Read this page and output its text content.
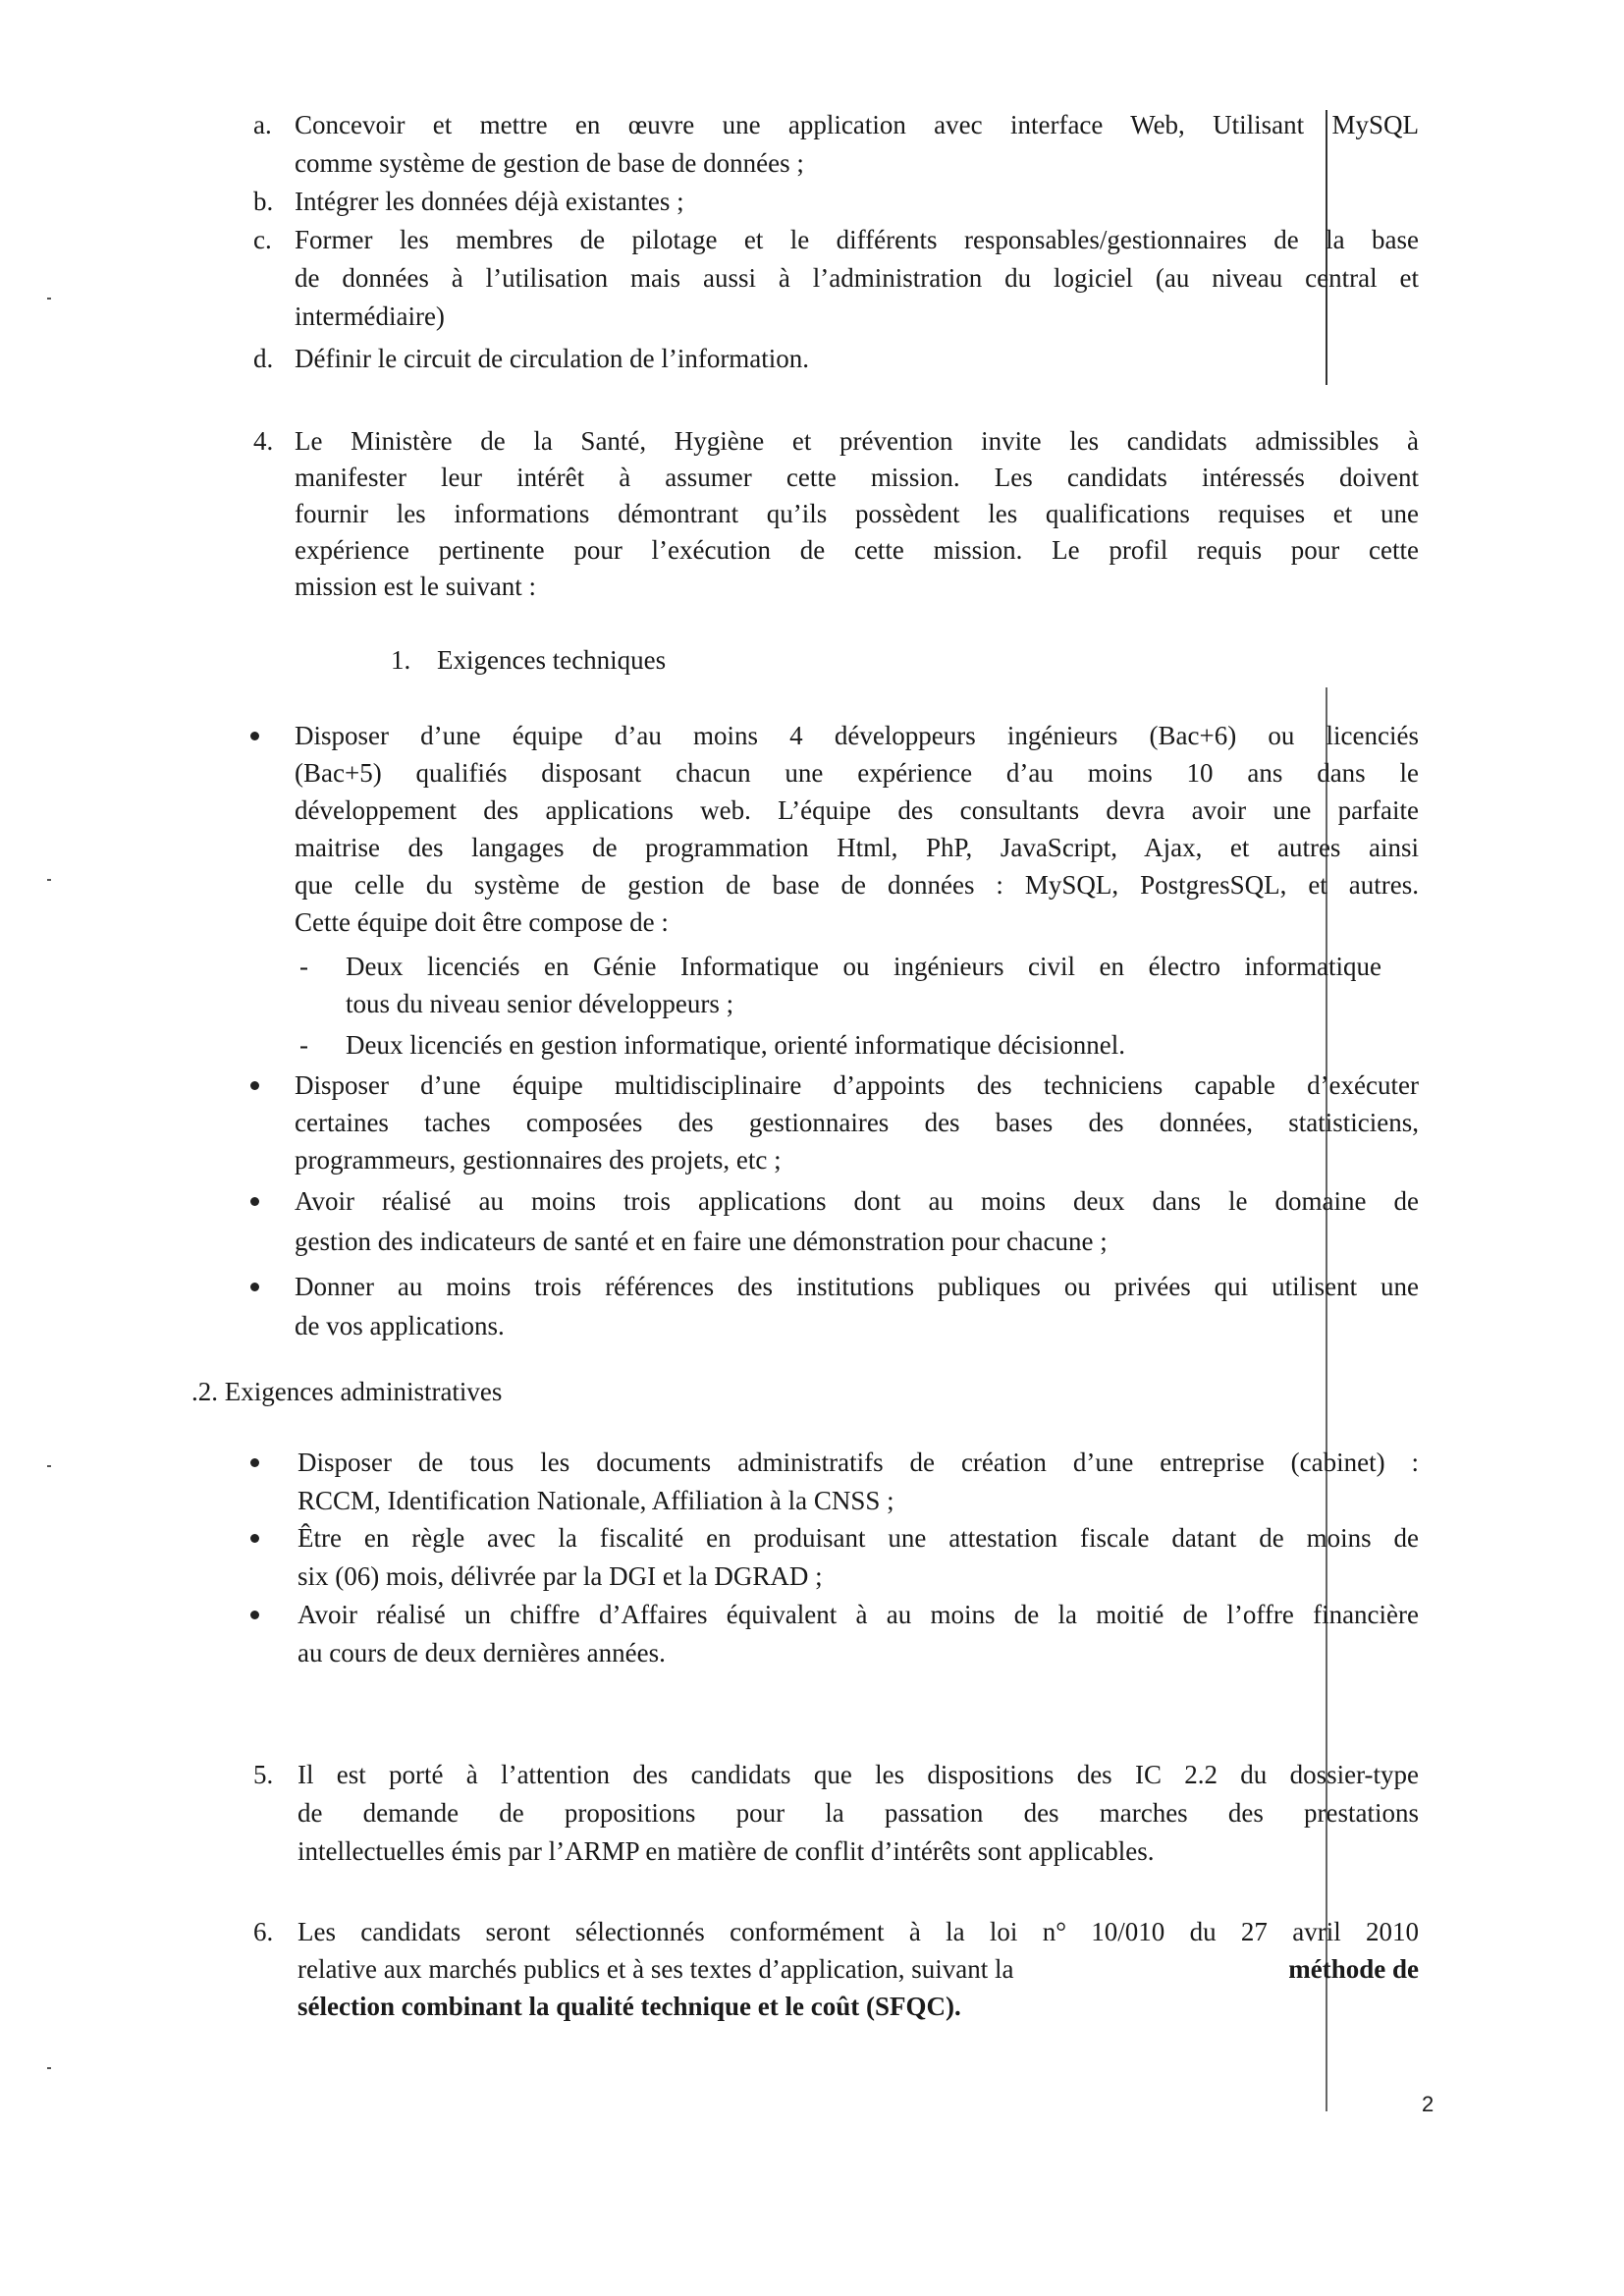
a. Concevoir et mettre en œuvre une application avec interface Web, Utilisant MySQL
comme système de gestion de base de données ;
b. Intégrer les données déjà existantes ;
c. Former les membres de pilotage et le différents responsables/gestionnaires de la base
de données à l’utilisation mais aussi à l’administration du logiciel (au niveau central et
intermédiaire)
d. Définir le circuit de circulation de l’information.
4. Le Ministère de la Santé, Hygiène et prévention invite les candidats admissibles à
manifester leur intérêt à assumer cette mission. Les candidats intéressés doivent
fournir les informations démontrant qu’ils possèdent les qualifications requises et une
expérience pertinente pour l’exécution de cette mission. Le profil requis pour cette
mission est le suivant :
1. Exigences techniques
Disposer d’une équipe d’au moins 4 développeurs ingénieurs (Bac+6) ou licenciés
(Bac+5) qualifiés disposant chacun une expérience d’au moins 10 ans dans le
développement des applications web. L’équipe des consultants devra avoir une parfaite
maitrise des langages de programmation Html, PhP, JavaScript, Ajax, et autres ainsi
que celle du système de gestion de base de données : MySQL, PostgresSQL, et autres.
Cette équipe doit être compose de :
- Deux licenciés en Génie Informatique ou ingénieurs civil en électro informatique
tous du niveau senior développeurs ;
- Deux licenciés en gestion informatique, orienté informatique décisionnel.
Disposer d’une équipe multidisciplinaire d’appoints des techniciens capable d’exécuter
certaines taches composées des gestionnaires des bases des données, statisticiens,
programmeurs, gestionnaires des projets, etc ;
Avoir réalisé au moins trois applications dont au moins deux dans le domaine de
gestion des indicateurs de santé et en faire une démonstration pour chacune ;
Donner au moins trois références des institutions publiques ou privées qui utilisent une
de vos applications.
.2. Exigences administratives
Disposer de tous les documents administratifs de création d’une entreprise (cabinet) :
RCCM, Identification Nationale, Affiliation à la CNSS ;
Être en règle avec la fiscalité en produisant une attestation fiscale datant de moins de
six (06) mois, délivrée par la DGI et la DGRAD ;
Avoir réalisé un chiffre d’Affaires équivalent à au moins de la moitié de l’offre financière
au cours de deux dernières années.
5. Il est porté à l’attention des candidats que les dispositions des IC 2.2 du dossier-type
de demande de propositions pour la passation des marches des prestations
intellectuelles émis par l’ARMP en matière de conflit d’intérêts sont applicables.
6. Les candidats seront sélectionnés conformément à la loi n° 10/010 du 27 avril 2010
relative aux marchés publics et à ses textes d’application, suivant la	méthode de
sélection combinant la qualité technique et le coût (SFQC).
2
